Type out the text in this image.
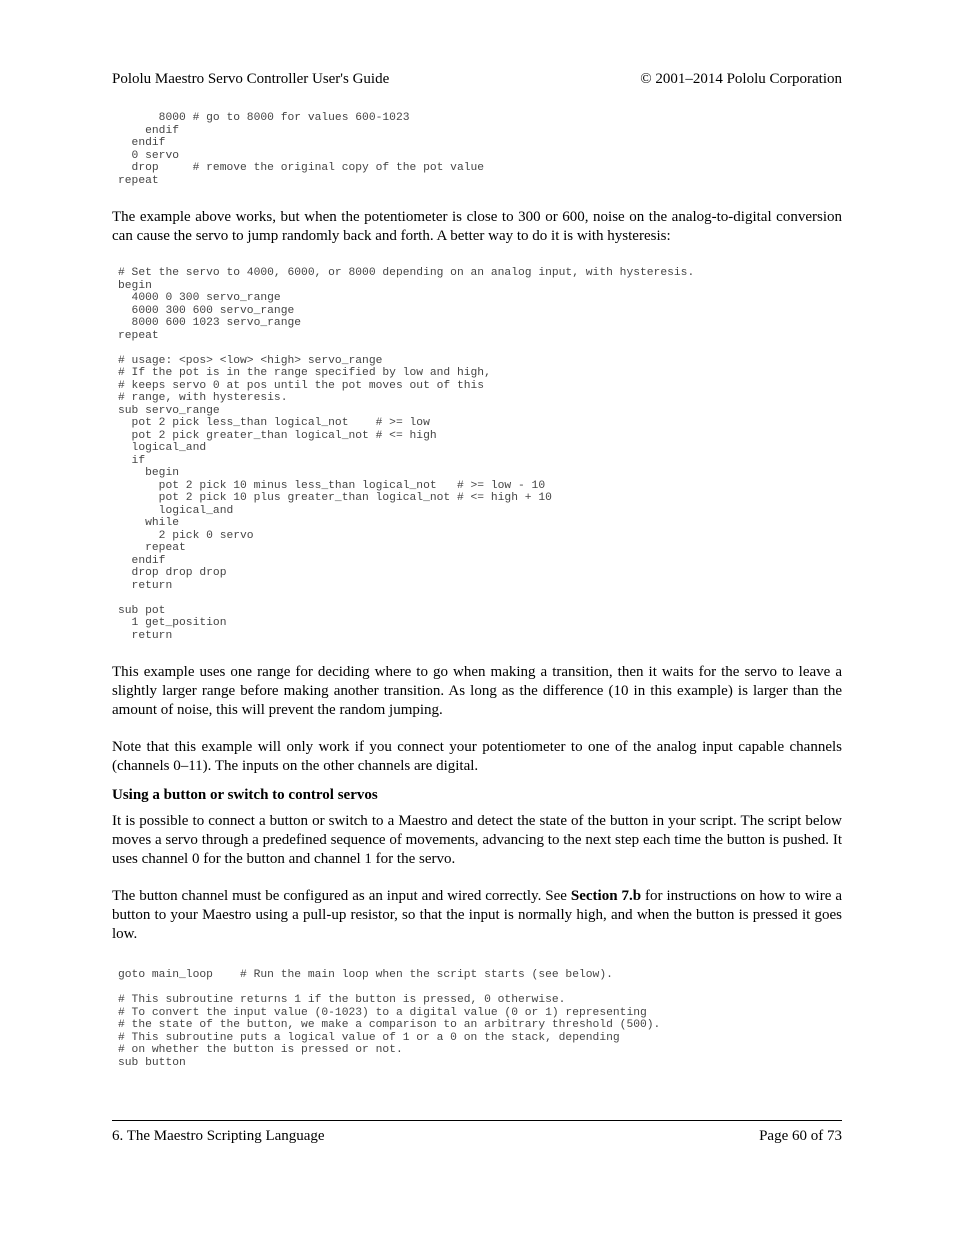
Pololu Maestro Servo Controller User's Guide	© 2001–2014 Pololu Corporation
8000 # go to 8000 for values 600-1023
endif
endif
0 servo
drop     # remove the original copy of the pot value
repeat

The example above works, but when the potentiometer is close to 300 or 600, noise on the analog-to-digital conversion can cause the servo to jump randomly back and forth. A better way to do it is with hysteresis:

# Set the servo to 4000, 6000, or 8000 depending on an analog input, with hysteresis.
begin
4000 0 300 servo_range
6000 300 600 servo_range
8000 600 1023 servo_range
repeat

# usage: <pos> <low> <high> servo_range
# If the pot is in the range specified by low and high,
# keeps servo 0 at pos until the pot moves out of this
# range, with hysteresis.
sub servo_range
pot 2 pick less_than logical_not    # >= low
pot 2 pick greater_than logical_not # <= high
logical_and
if
begin
pot 2 pick 10 minus less_than logical_not   # >= low - 10
pot 2 pick 10 plus greater_than logical_not # <= high + 10
logical_and
while
2 pick 0 servo
repeat
endif
drop drop drop
return

sub pot
1 get_position
return

This example uses one range for deciding where to go when making a transition, then it waits for the servo to leave a slightly larger range before making another transition. As long as the difference (10 in this example) is larger than the amount of noise, this will prevent the random jumping.

Note that this example will only work if you connect your potentiometer to one of the analog input capable channels (channels 0–11). The inputs on the other channels are digital.

Using a button or switch to control servos

It is possible to connect a button or switch to a Maestro and detect the state of the button in your script. The script below moves a servo through a predefined sequence of movements, advancing to the next step each time the button is pushed. It uses channel 0 for the button and channel 1 for the servo.

The button channel must be configured as an input and wired correctly. See Section 7.b for instructions on how to wire a button to your Maestro using a pull-up resistor, so that the input is normally high, and when the button is pressed it goes low.

goto main_loop    # Run the main loop when the script starts (see below).

# This subroutine returns 1 if the button is pressed, 0 otherwise.
# To convert the input value (0-1023) to a digital value (0 or 1) representing
# the state of the button, we make a comparison to an arbitrary threshold (500).
# This subroutine puts a logical value of 1 or a 0 on the stack, depending
# on whether the button is pressed or not.
sub button
6. The Maestro Scripting Language	Page 60 of 73
